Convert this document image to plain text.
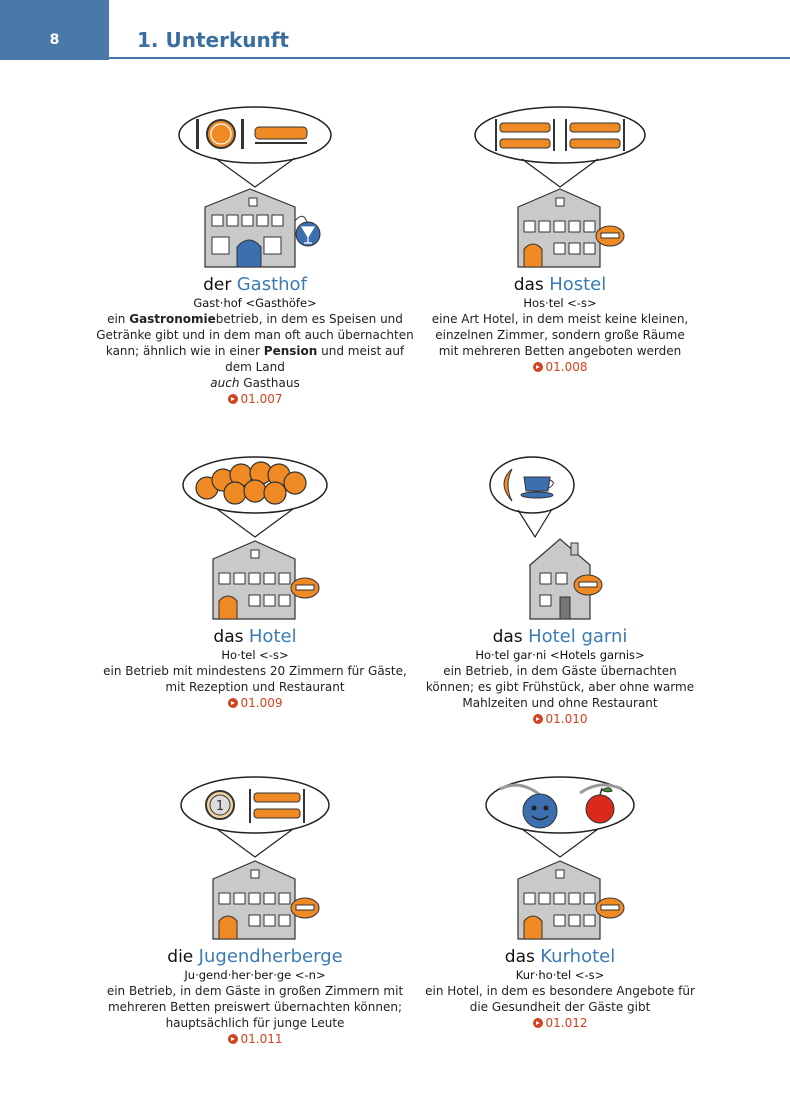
8	1. Unterkunft
der Gasthof
Gast·hof <Gasthöfe>
ein Gastronomiebetrieb, in dem es Speisen und Getränke gibt und in dem man oft auch übernachten kann; ähnlich wie in einer Pension und meist auf dem Land
auch Gasthaus
01.007
das Hostel
Hos·tel <-s>
eine Art Hotel, in dem meist keine kleinen, einzelnen Zimmer, sondern große Räume mit mehreren Betten angeboten werden
01.008
das Hotel
Ho·tel <-s>
ein Betrieb mit mindestens 20 Zimmern für Gäste, mit Rezeption und Restaurant
01.009
das Hotel garni
Ho·tel gar·ni <Hotels garnis>
ein Betrieb, in dem Gäste übernachten können; es gibt Frühstück, aber ohne warme Mahlzeiten und ohne Restaurant
01.010
1
die Jugendherberge
Ju·gend·her·ber·ge <-n>
ein Betrieb, in dem Gäste in großen Zimmern mit mehreren Betten preiswert übernachten können; hauptsächlich für junge Leute
01.011
das Kurhotel
Kur·ho·tel <-s>
ein Hotel, in dem es besondere Angebote für die Gesundheit der Gäste gibt
01.012
